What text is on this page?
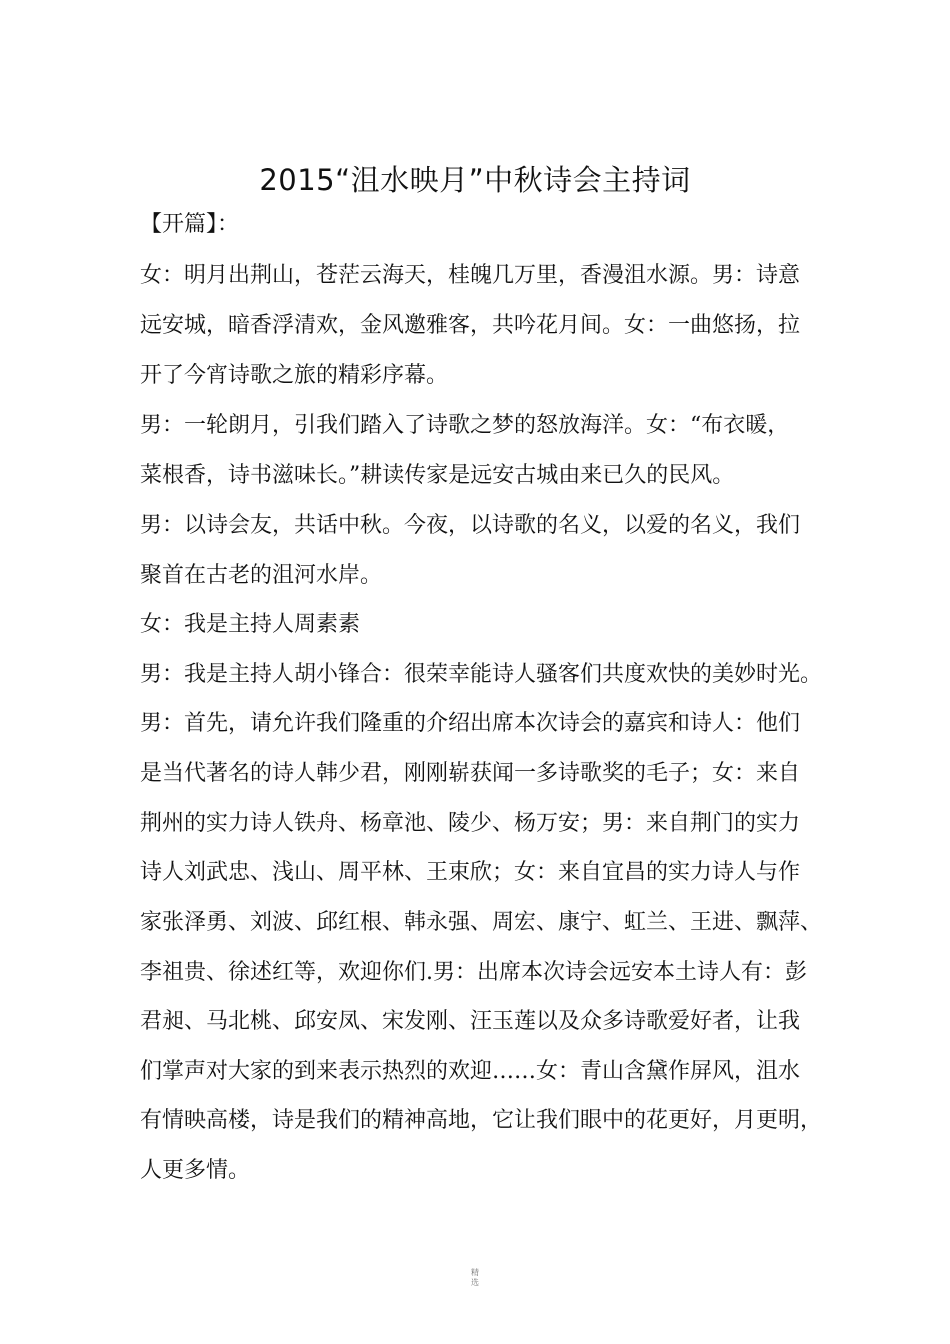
2015“沮水映月”中秋诗会主持词
【开篇】：
女：明月出荆山，苍茫云海天，桂魄几万里，香漫沮水源。男：诗意
远安城，暗香浮清欢，金风邀雅客，共吟花月间。女：一曲悠扬，拉
开了今宵诗歌之旅的精彩序幕。
男：一轮朗月，引我们踏入了诗歌之梦的怒放海洋。女：“布衣暖，
菜根香，诗书滋味长。”耕读传家是远安古城由来已久的民风。
男：以诗会友，共话中秋。今夜，以诗歌的名义，以爱的名义，我们
聚首在古老的沮河水岸。
女：我是主持人周素素
男：我是主持人胡小锋合：很荣幸能诗人骚客们共度欢快的美妙时光。
男：首先，请允许我们隆重的介绍出席本次诗会的嘉宾和诗人：他们
是当代著名的诗人韩少君，刚刚崭获闻一多诗歌奖的毛子；女：来自
荆州的实力诗人铁舟、杨章池、陵少、杨万安；男：来自荆门的实力
诗人刘武忠、浅山、周平林、王束欣；女：来自宜昌的实力诗人与作
家张泽勇、刘波、邱红根、韩永强、周宏、康宁、虹兰、王进、飘萍、
李祖贵、徐述红等，欢迎你们.男：出席本次诗会远安本土诗人有：彭
君昶、马北桃、邱安凤、宋发刚、汪玉莲以及众多诗歌爱好者，让我
们掌声对大家的到来表示热烈的欢迎……女：青山含黛作屏风，沮水
有情映高楼，诗是我们的精神高地，它让我们眼中的花更好，月更明，
人更多情。
精
选
